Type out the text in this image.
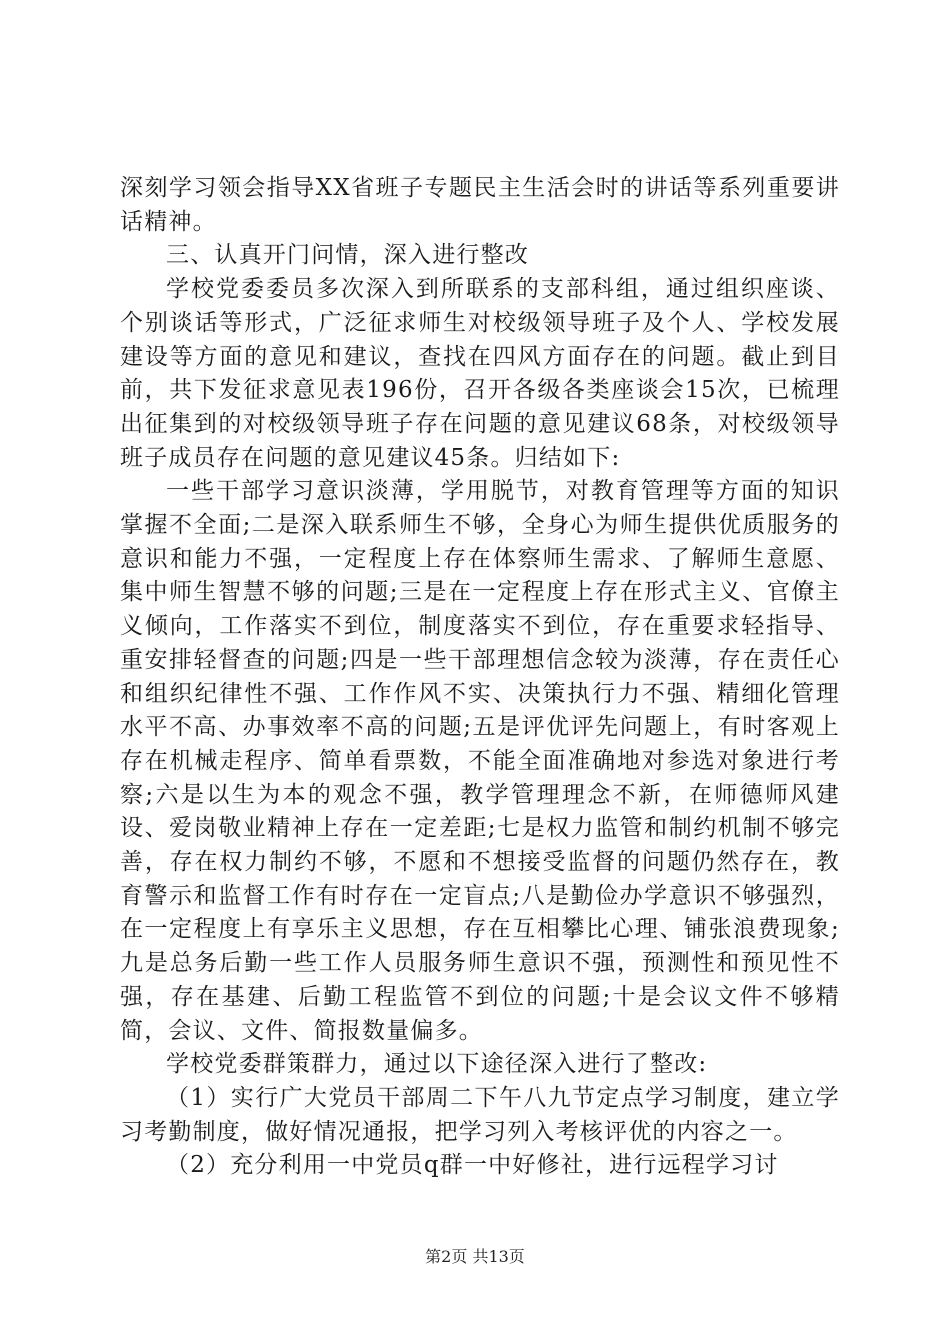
深刻学习领会指导XX省班子专题民主生活会时的讲话等系列重要讲话精神。

三、认真开门问情，深入进行整改

学校党委委员多次深入到所联系的支部科组，通过组织座谈、个别谈话等形式，广泛征求师生对校级领导班子及个人、学校发展建设等方面的意见和建议，查找在四风方面存在的问题。截止到目前，共下发征求意见表196份，召开各级各类座谈会15次，已梳理出征集到的对校级领导班子存在问题的意见建议68条，对校级领导班子成员存在问题的意见建议45条。归结如下:

一些干部学习意识淡薄，学用脱节，对教育管理等方面的知识掌握不全面;二是深入联系师生不够，全身心为师生提供优质服务的意识和能力不强，一定程度上存在体察师生需求、了解师生意愿、集中师生智慧不够的问题;三是在一定程度上存在形式主义、官僚主义倾向，工作落实不到位，制度落实不到位，存在重要求轻指导、重安排轻督查的问题;四是一些干部理想信念较为淡薄，存在责任心和组织纪律性不强、工作作风不实、决策执行力不强、精细化管理水平不高、办事效率不高的问题;五是评优评先问题上，有时客观上存在机械走程序、简单看票数，不能全面准确地对参选对象进行考察;六是以生为本的观念不强，教学管理理念不新，在师德师风建设、爱岗敬业精神上存在一定差距;七是权力监管和制约机制不够完善，存在权力制约不够，不愿和不想接受监督的问题仍然存在，教育警示和监督工作有时存在一定盲点;八是勤俭办学意识不够强烈，在一定程度上有享乐主义思想，存在互相攀比心理、铺张浪费现象;九是总务后勤一些工作人员服务师生意识不强，预测性和预见性不强，存在基建、后勤工程监管不到位的问题;十是会议文件不够精简，会议、文件、简报数量偏多。

学校党委群策群力，通过以下途径深入进行了整改:

（1）实行广大党员干部周二下午八九节定点学习制度，建立学习考勤制度，做好情况通报，把学习列入考核评优的内容之一。

（2）充分利用一中党员q群一中好修社，进行远程学习讨

第2页 共13页
